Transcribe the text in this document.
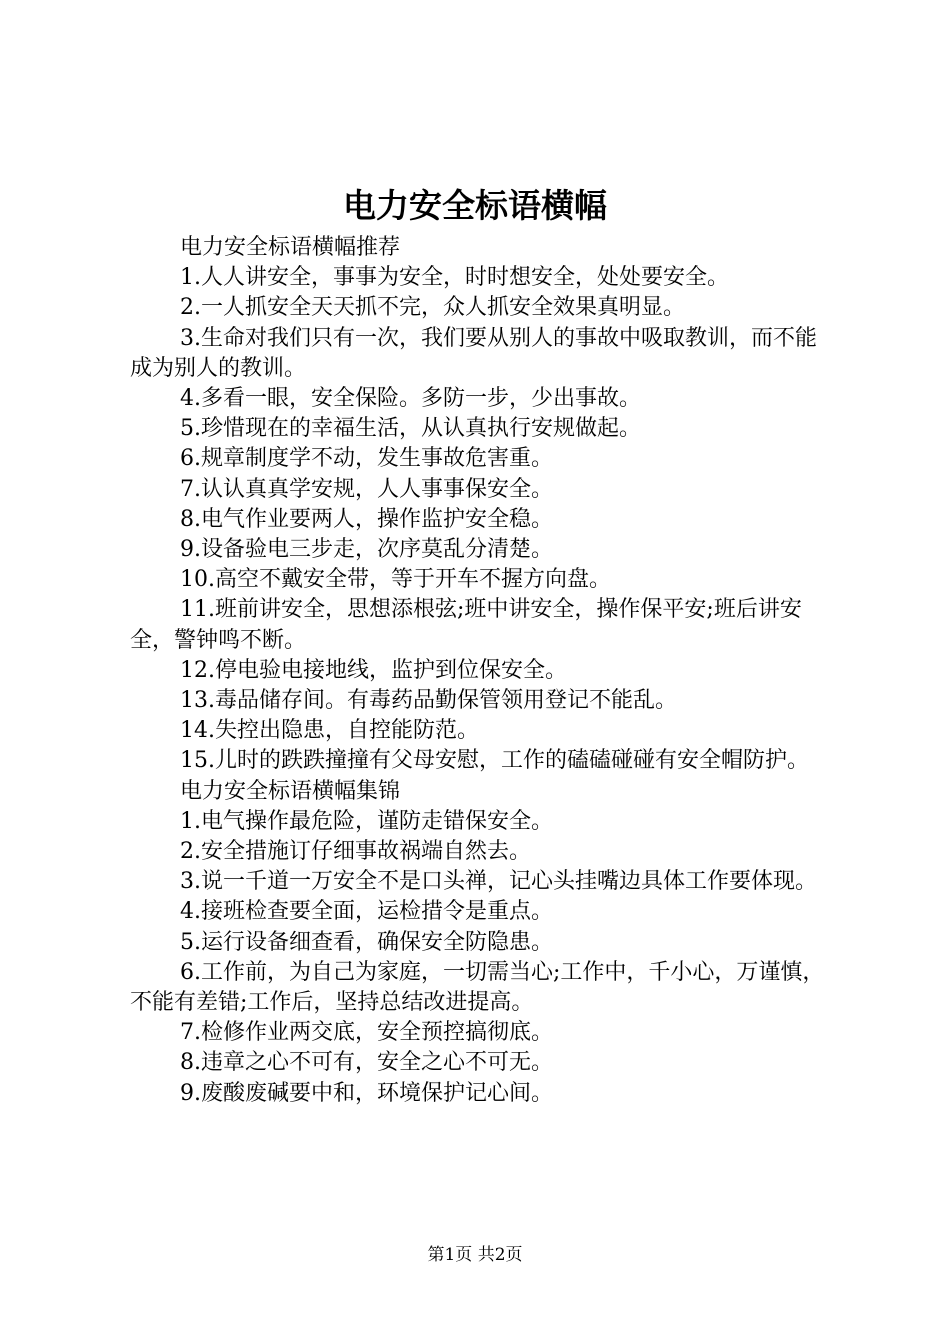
电力安全标语横幅

电力安全标语横幅推荐

1.人人讲安全，事事为安全，时时想安全，处处要安全。

2.一人抓安全天天抓不完，众人抓安全效果真明显。

3.生命对我们只有一次，我们要从别人的事故中吸取教训，而不能成为别人的教训。

4.多看一眼，安全保险。多防一步，少出事故。

5.珍惜现在的幸福生活，从认真执行安规做起。

6.规章制度学不动，发生事故危害重。

7.认认真真学安规，人人事事保安全。

8.电气作业要两人，操作监护安全稳。

9.设备验电三步走，次序莫乱分清楚。

10.高空不戴安全带，等于开车不握方向盘。

11.班前讲安全，思想添根弦;班中讲安全，操作保平安;班后讲安全，警钟鸣不断。

12.停电验电接地线，监护到位保安全。

13.毒品储存间。有毒药品勤保管领用登记不能乱。

14.失控出隐患，自控能防范。

15.儿时的跌跌撞撞有父母安慰，工作的磕磕碰碰有安全帽防护。

电力安全标语横幅集锦

1.电气操作最危险，谨防走错保安全。

2.安全措施订仔细事故祸端自然去。

3.说一千道一万安全不是口头禅，记心头挂嘴边具体工作要体现。

4.接班检查要全面，运检措令是重点。

5.运行设备细查看，确保安全防隐患。

6.工作前，为自己为家庭，一切需当心;工作中，千小心，万谨慎，不能有差错;工作后，坚持总结改进提高。

7.检修作业两交底，安全预控搞彻底。

8.违章之心不可有，安全之心不可无。

9.废酸废碱要中和，环境保护记心间。

第1页 共2页
